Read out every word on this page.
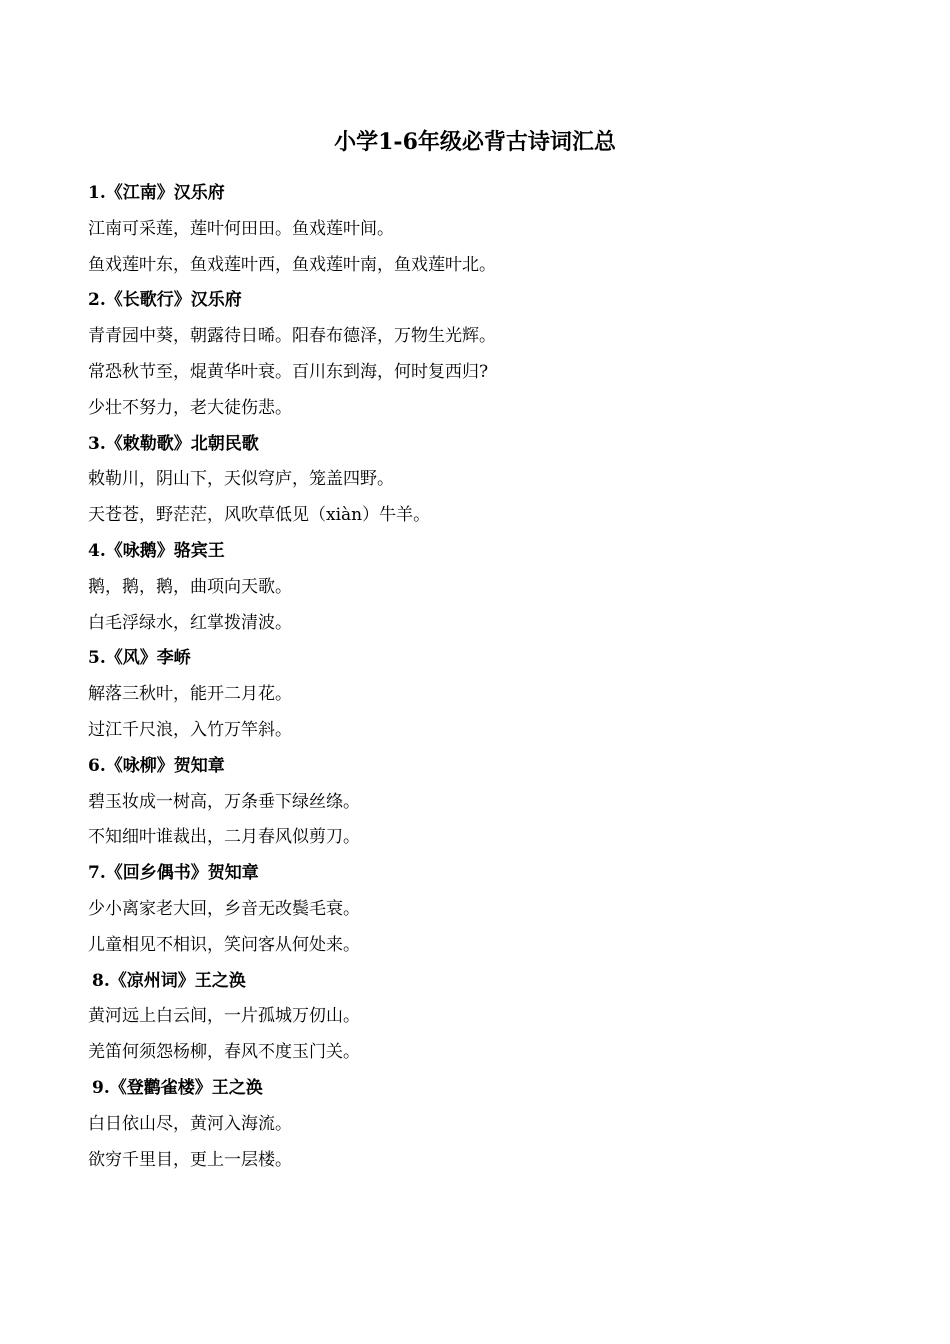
小学1-6年级必背古诗词汇总
1.《江南》汉乐府
江南可采莲，莲叶何田田。鱼戏莲叶间。
鱼戏莲叶东，鱼戏莲叶西，鱼戏莲叶南，鱼戏莲叶北。
2.《长歌行》汉乐府
青青园中葵，朝露待日晞。阳春布德泽，万物生光辉。
常恐秋节至，焜黄华叶衰。百川东到海，何时复西归?
少壮不努力，老大徒伤悲。
3.《敕勒歌》北朝民歌
敕勒川，阴山下，天似穹庐，笼盖四野。
天苍苍，野茫茫，风吹草低见（xiàn）牛羊。
4.《咏鹅》骆宾王
鹅，鹅，鹅，曲项向天歌。
白毛浮绿水，红掌拨清波。
5.《风》李峤
解落三秋叶，能开二月花。
过江千尺浪，入竹万竿斜。
6.《咏柳》贺知章
碧玉妆成一树高，万条垂下绿丝绦。
不知细叶谁裁出，二月春风似剪刀。
7.《回乡偶书》贺知章
少小离家老大回，乡音无改鬓毛衰。
儿童相见不相识，笑问客从何处来。
8.《凉州词》王之涣
黄河远上白云间，一片孤城万仞山。
羌笛何须怨杨柳，春风不度玉门关。
9.《登鹳雀楼》王之涣
白日依山尽，黄河入海流。
欲穷千里目，更上一层楼。
